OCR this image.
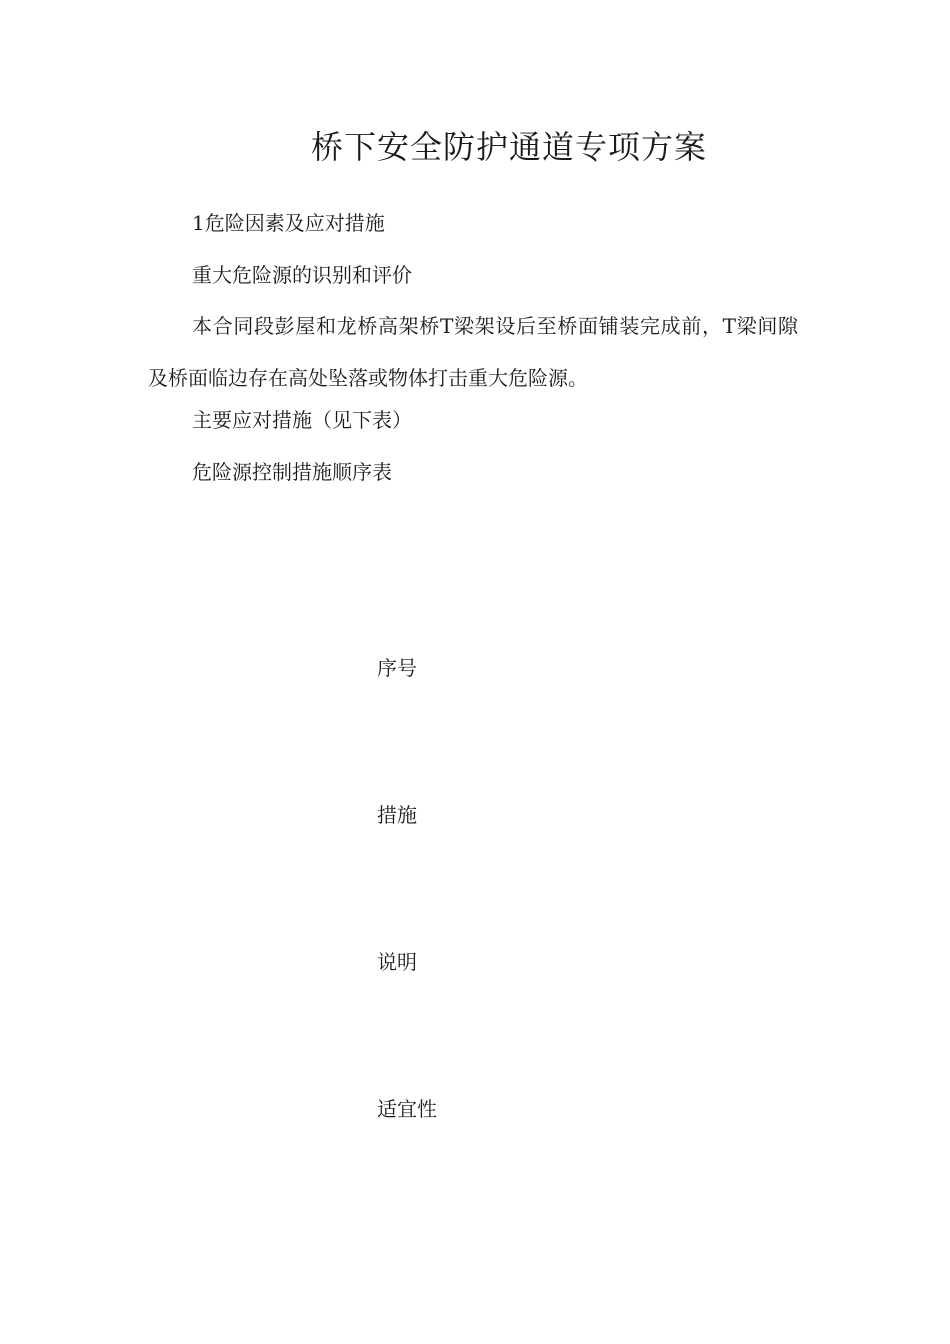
桥下安全防护通道专项方案
1危险因素及应对措施
重大危险源的识别和评价
本合同段彭屋和龙桥高架桥T梁架设后至桥面铺装完成前，T梁间隙及桥面临边存在高处坠落或物体打击重大危险源。
主要应对措施（见下表）
危险源控制措施顺序表
序号
措施
说明
适宜性
